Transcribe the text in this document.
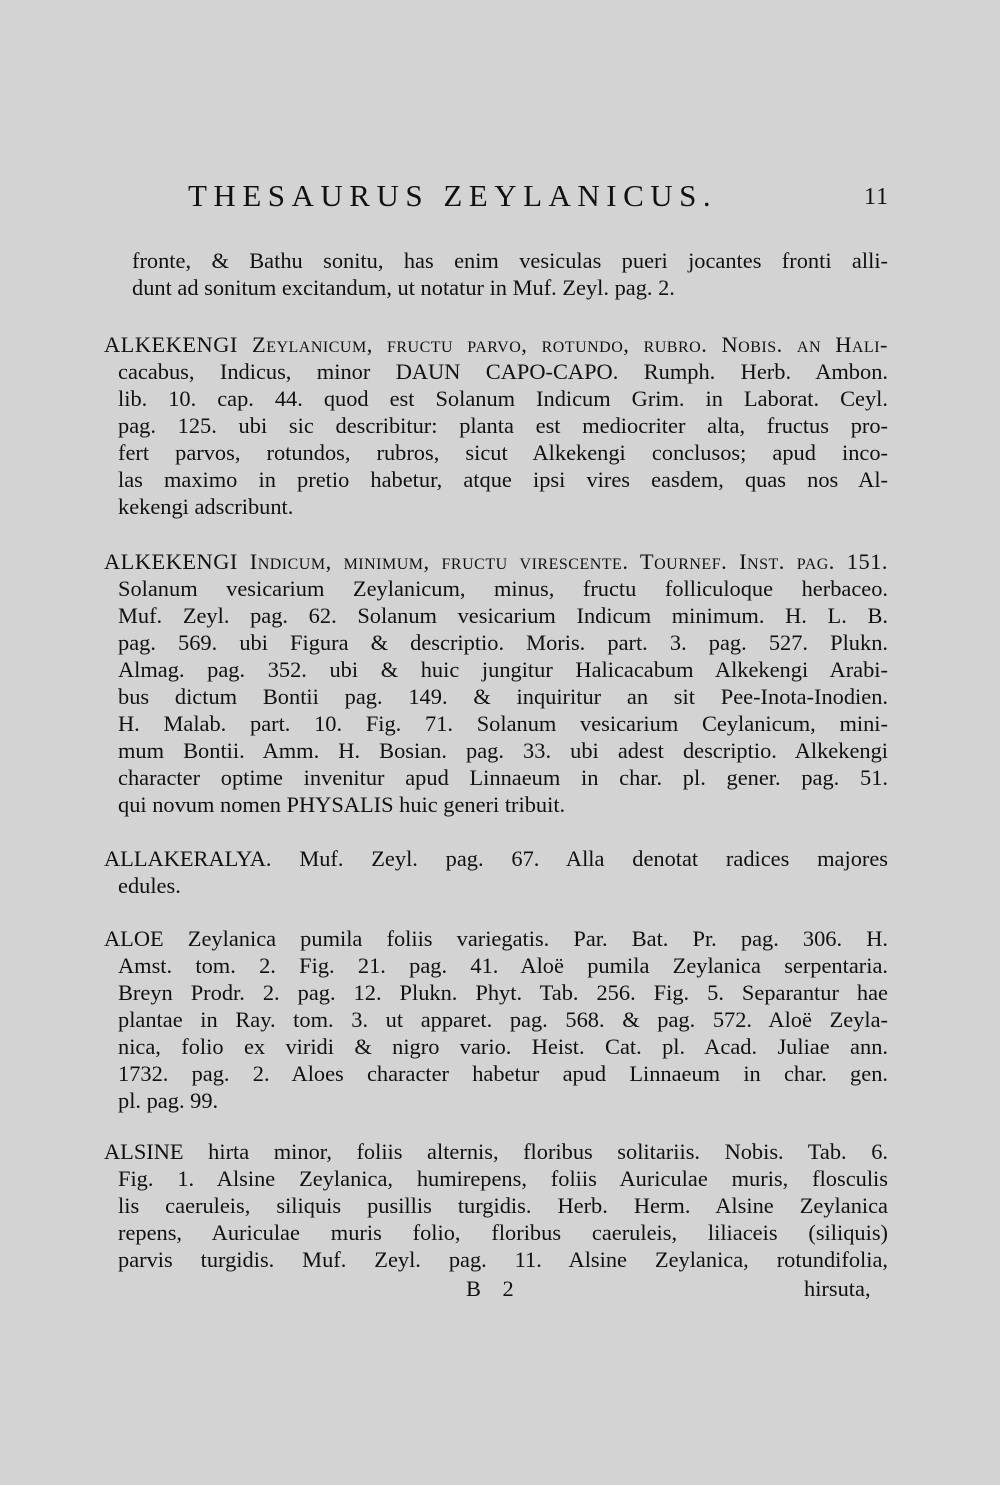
THESAURUS ZEYLANICUS.	11
fronte, & Bathu sonitu, has enim vesiculas pueri jocantes fronti alli-
dunt ad sonitum excitandum, ut notatur in Muf. Zeyl. pag. 2.
ALKEKENGI Zeylanicum, fructu parvo, rotundo, rubro. Nobis. an Hali-
cacabus, Indicus, minor DAUN CAPO-CAPO. Rumph. Herb. Ambon.
lib. 10. cap. 44. quod est Solanum Indicum Grim. in Laborat. Ceyl.
pag. 125. ubi sic describitur: planta est mediocriter alta, fructus pro-
fert parvos, rotundos, rubros, sicut Alkekengi conclusos; apud inco-
las maximo in pretio habetur, atque ipsi vires easdem, quas nos Al-
kekengi adscribunt.
ALKEKENGI Indicum, minimum, fructu virescente. Tournef. Inst. pag. 151.
Solanum vesicarium Zeylanicum, minus, fructu folliculoque herbaceo.
Muf. Zeyl. pag. 62. Solanum vesicarium Indicum minimum. H. L. B.
pag. 569. ubi Figura & descriptio. Moris. part. 3. pag. 527. Plukn.
Almag. pag. 352. ubi & huic jungitur Halicacabum Alkekengi Arabi-
bus dictum Bontii pag. 149. & inquiritur an sit Pee-Inota-Inodien.
H. Malab. part. 10. Fig. 71. Solanum vesicarium Ceylanicum, mini-
mum Bontii. Amm. H. Bosian. pag. 33. ubi adest descriptio. Alkekengi
character optime invenitur apud Linnaeum in char. pl. gener. pag. 51.
qui novum nomen PHYSALIS huic generi tribuit.
ALLAKERALYA. Muf. Zeyl. pag. 67. Alla denotat radices majores
edules.
ALOE Zeylanica pumila foliis variegatis. Par. Bat. Pr. pag. 306. H.
Amst. tom. 2. Fig. 21. pag. 41. Aloë pumila Zeylanica serpentaria.
Breyn Prodr. 2. pag. 12. Plukn. Phyt. Tab. 256. Fig. 5. Separantur hae
plantae in Ray. tom. 3. ut apparet. pag. 568. & pag. 572. Aloë Zeyla-
nica, folio ex viridi & nigro vario. Heist. Cat. pl. Acad. Juliae ann.
1732. pag. 2. Aloes character habetur apud Linnaeum in char. gen.
pl. pag. 99.
ALSINE hirta minor, foliis alternis, floribus solitariis. Nobis. Tab. 6.
Fig. 1. Alsine Zeylanica, humirepens, foliis Auriculae muris, flosculis
lis caeruleis, siliquis pusillis turgidis. Herb. Herm. Alsine Zeylanica
repens, Auriculae muris folio, floribus caeruleis, liliaceis (siliquis)
parvis turgidis. Muf. Zeyl. pag. 11. Alsine Zeylanica, rotundifolia,
B 2	hirsuta,
